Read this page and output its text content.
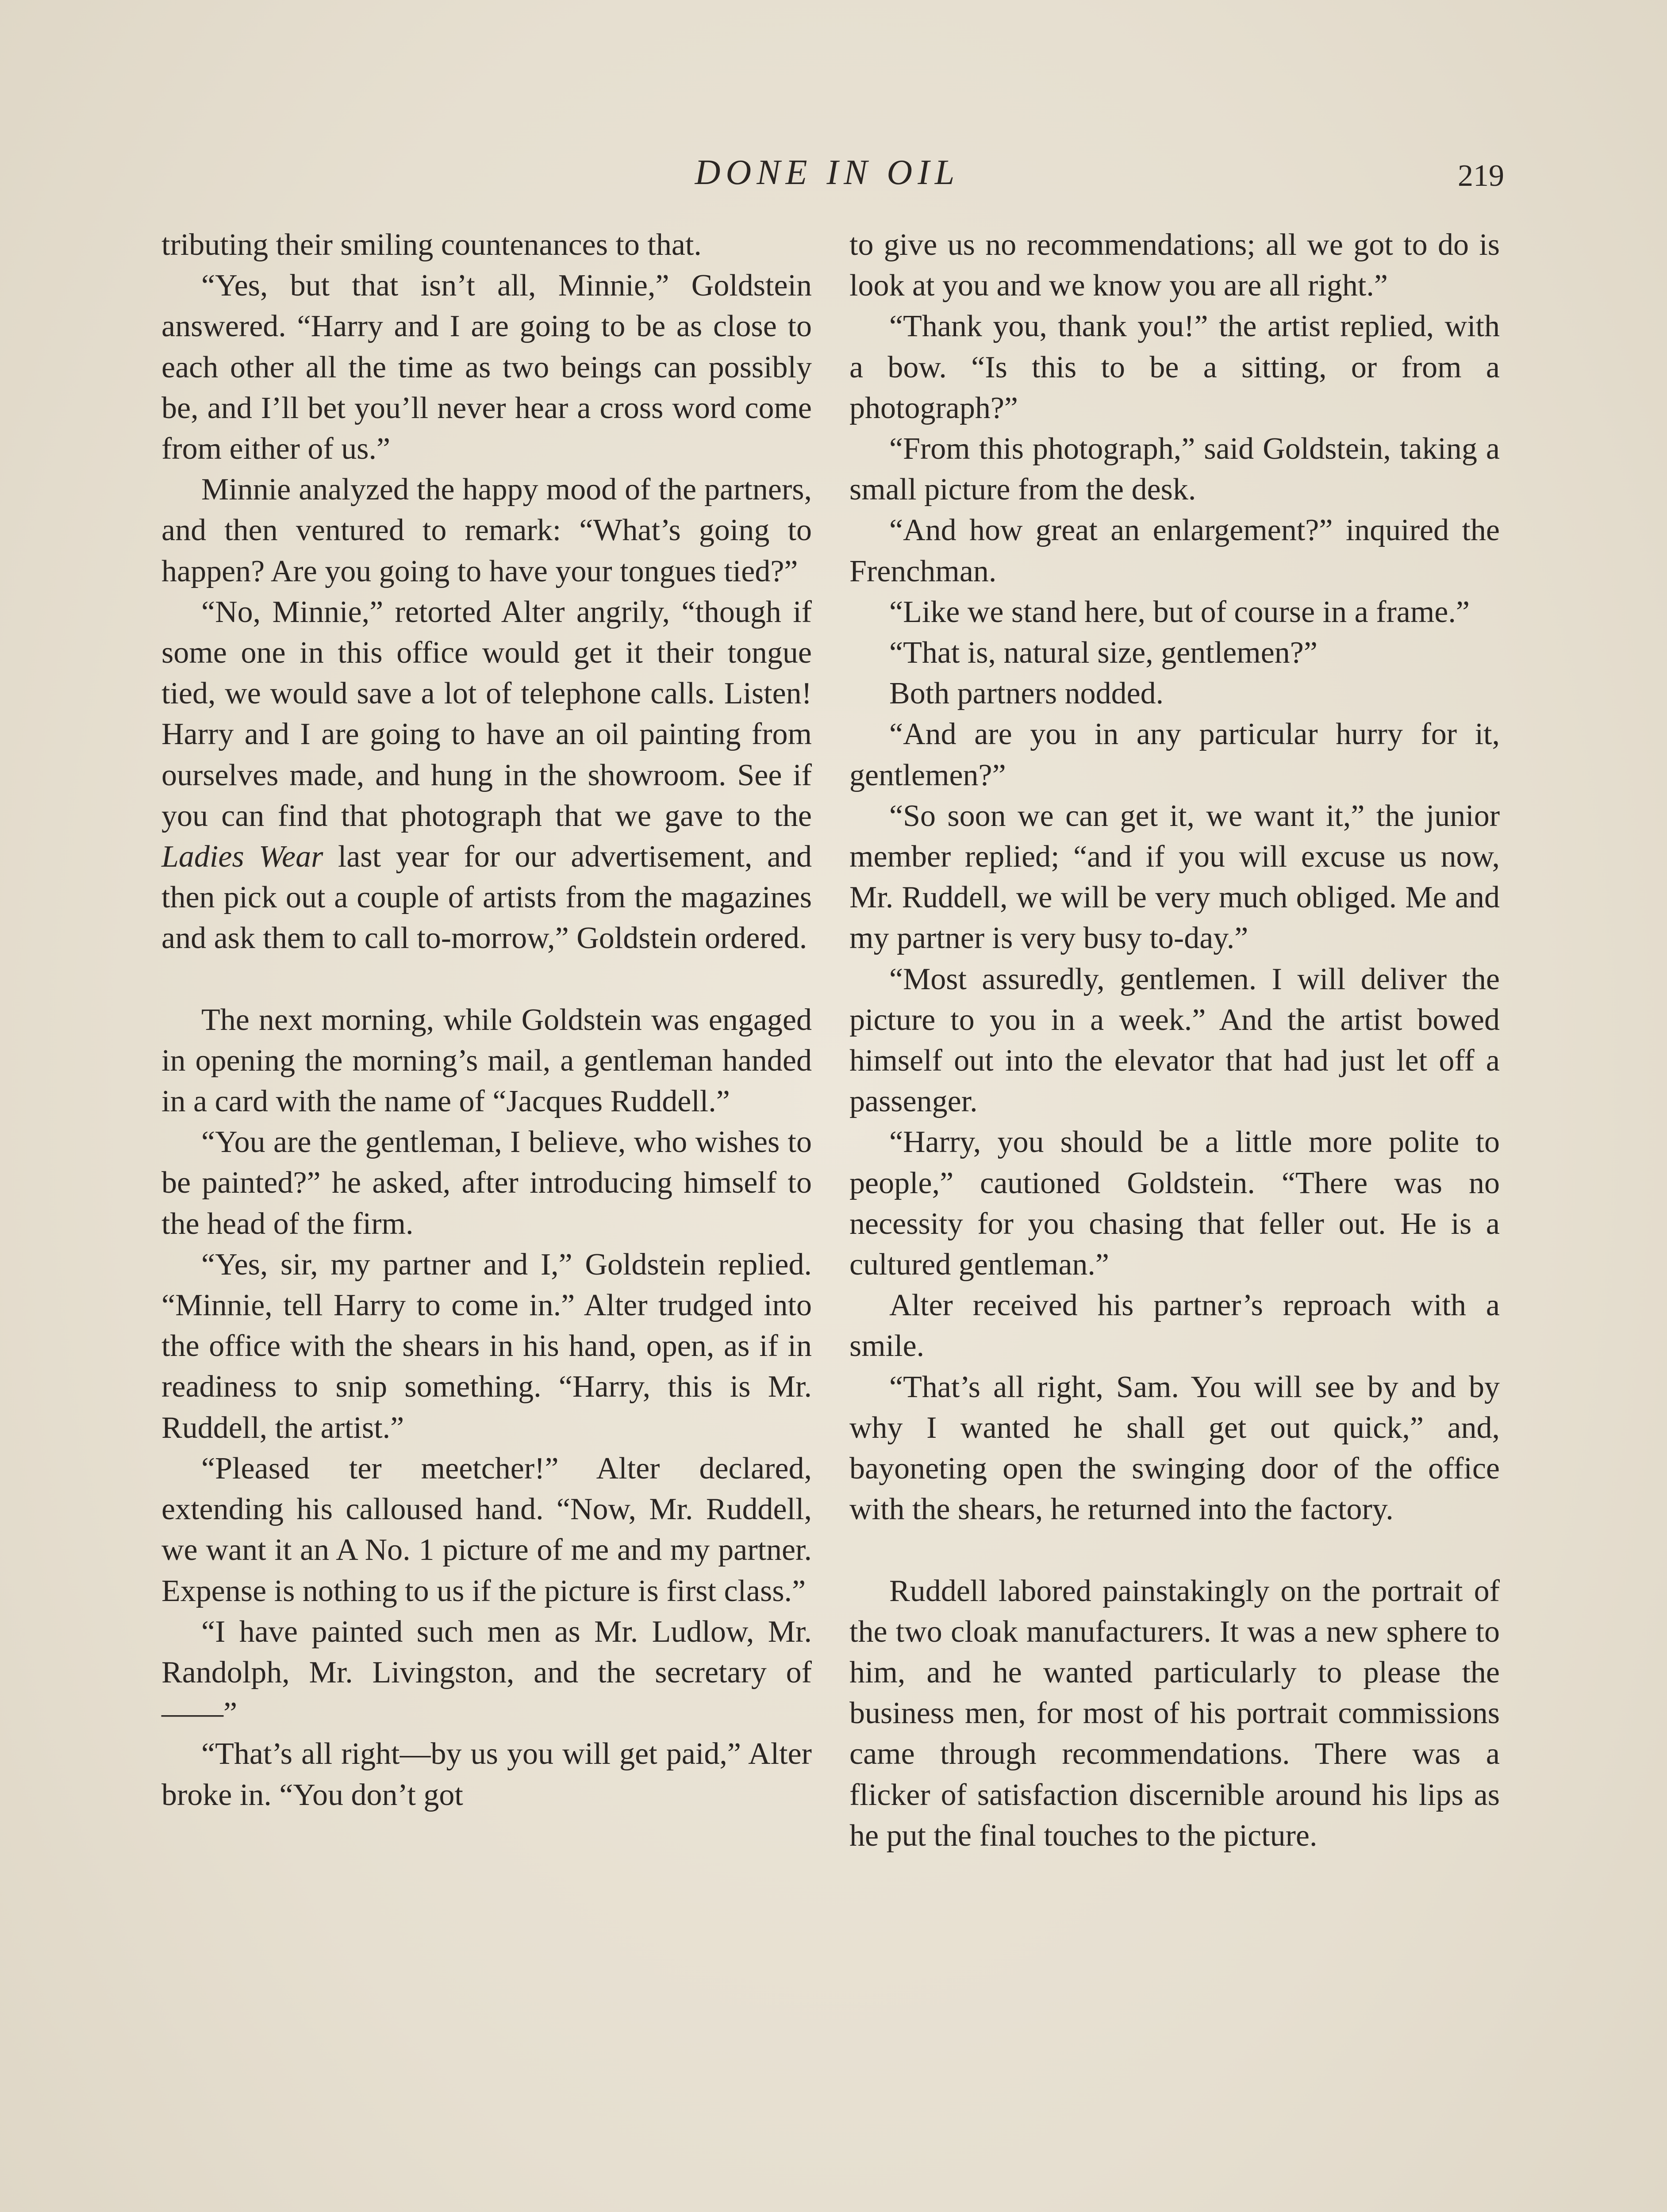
DONE IN OIL	219

tributing their smiling countenances to that.

“Yes, but that isn’t all, Minnie,” Goldstein answered. “Harry and I are going to be as close to each other all the time as two beings can possibly be, and I’ll bet you’ll never hear a cross word come from either of us.”

Minnie analyzed the happy mood of the partners, and then ventured to remark: “What’s going to happen? Are you going to have your tongues tied?”

“No, Minnie,” retorted Alter angrily, “though if some one in this office would get it their tongue tied, we would save a lot of telephone calls. Listen! Harry and I are going to have an oil painting from ourselves made, and hung in the showroom. See if you can find that photograph that we gave to the Ladies Wear last year for our advertisement, and then pick out a couple of artists from the magazines and ask them to call to-morrow,” Goldstein ordered.

The next morning, while Goldstein was engaged in opening the morning’s mail, a gentleman handed in a card with the name of “Jacques Ruddell.”

“You are the gentleman, I believe, who wishes to be painted?” he asked, after introducing himself to the head of the firm.

“Yes, sir, my partner and I,” Goldstein replied. “Minnie, tell Harry to come in.” Alter trudged into the office with the shears in his hand, open, as if in readiness to snip something. “Harry, this is Mr. Ruddell, the artist.”

“Pleased ter meetcher!” Alter declared, extending his calloused hand. “Now, Mr. Ruddell, we want it an A No. 1 picture of me and my partner. Expense is nothing to us if the picture is first class.”

“I have painted such men as Mr. Ludlow, Mr. Randolph, Mr. Livingston, and the secretary of——”

“That’s all right—by us you will get paid,” Alter broke in. “You don’t got

to give us no recommendations; all we got to do is look at you and we know you are all right.”

“Thank you, thank you!” the artist replied, with a bow. “Is this to be a sitting, or from a photograph?”

“From this photograph,” said Goldstein, taking a small picture from the desk.

“And how great an enlargement?” inquired the Frenchman.

“Like we stand here, but of course in a frame.”

“That is, natural size, gentlemen?”

Both partners nodded.

“And are you in any particular hurry for it, gentlemen?”

“So soon we can get it, we want it,” the junior member replied; “and if you will excuse us now, Mr. Ruddell, we will be very much obliged. Me and my partner is very busy to-day.”

“Most assuredly, gentlemen. I will deliver the picture to you in a week.” And the artist bowed himself out into the elevator that had just let off a passenger.

“Harry, you should be a little more polite to people,” cautioned Goldstein. “There was no necessity for you chasing that feller out. He is a cultured gentleman.”

Alter received his partner’s reproach with a smile.

“That’s all right, Sam. You will see by and by why I wanted he shall get out quick,” and, bayoneting open the swinging door of the office with the shears, he returned into the factory.

Ruddell labored painstakingly on the portrait of the two cloak manufacturers. It was a new sphere to him, and he wanted particularly to please the business men, for most of his portrait commissions came through recommendations. There was a flicker of satisfaction discernible around his lips as he put the final touches to the picture.
